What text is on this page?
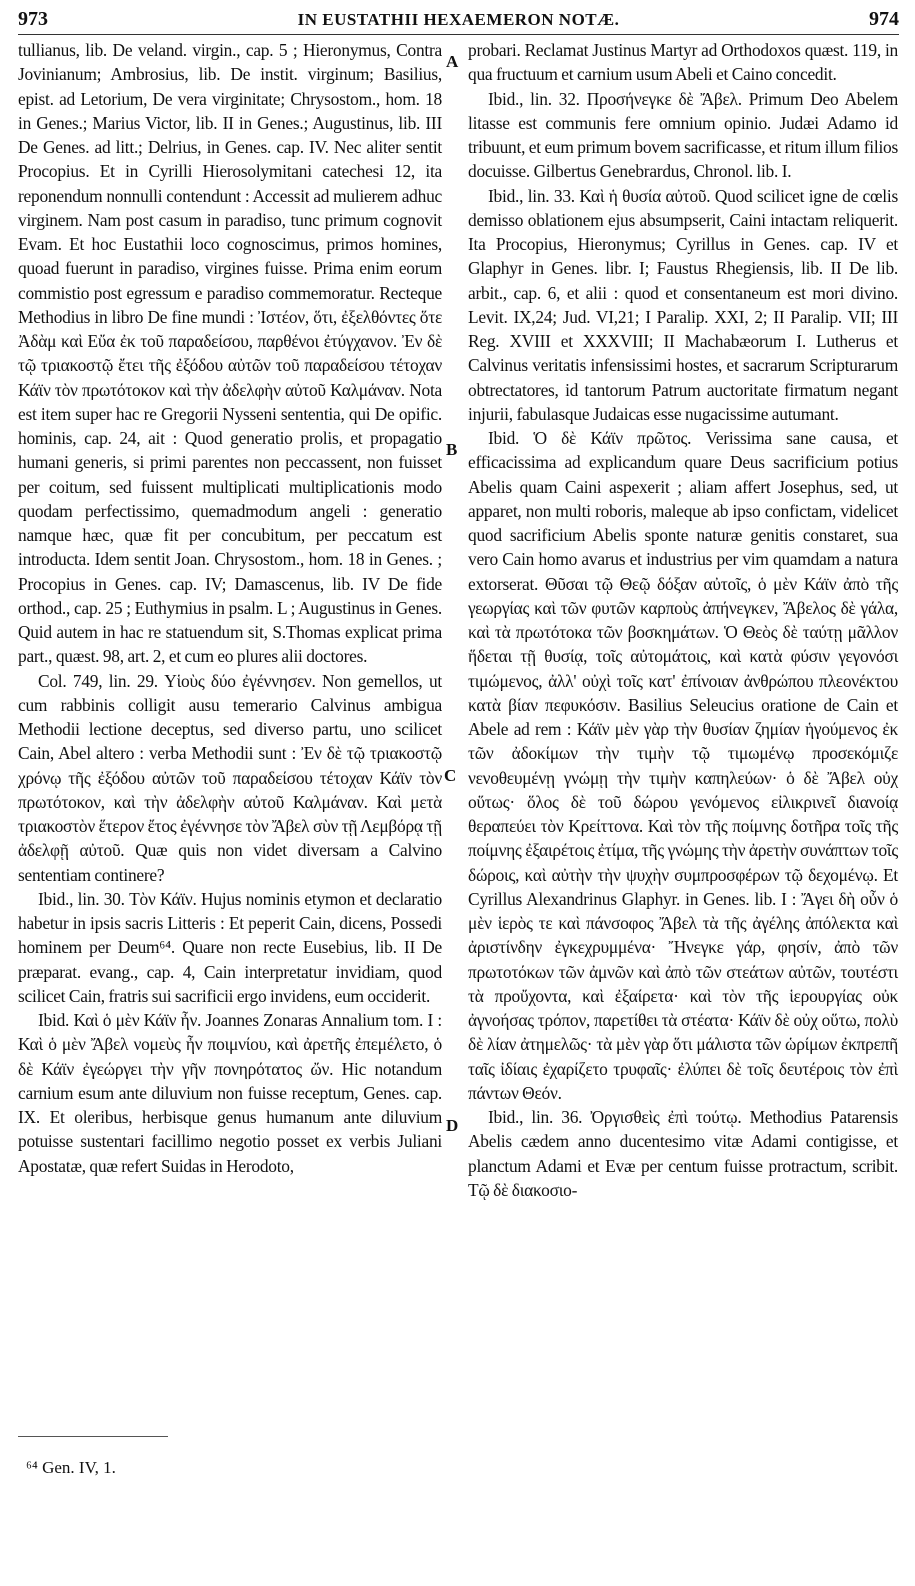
973	IN EUSTATHII HEXAEMERON NOTÆ.	974

tullianus, lib. De veland. virgin., cap. 5 ; Hieronymus, Contra Jovinianum; Ambrosius, lib. De instit. virginum; Basilius, epist. ad Letorium, De vera virginitate; Chrysostom., hom. 18 in Genes.; Marius Victor, lib. II in Genes.; Augustinus, lib. III De Genes. ad litt.; Delrius, in Genes. cap. IV. Nec aliter sentit Procopius. Et in Cyrilli Hierosolymitani catechesi 12, ita reponendum nonnulli contendunt : Accessit ad mulierem adhuc virginem. Nam post casum in paradiso, tunc primum cognovit Evam. Et hoc Eustathii loco cognoscimus, primos homines, quoad fuerunt in paradiso, virgines fuisse. Prima enim eorum commistio post egressum e paradiso commemoratur. Recteque Methodius in libro De fine mundi : Ἰστέον, ὅτι, ἐξελθόντες ὅτε Ἀδὰμ καὶ Εὔα ἐκ τοῦ παραδείσου, παρθένοι ἐτύγχανον. Ἐν δὲ τῷ τριακοστῷ ἔτει τῆς ἐξόδου αὐτῶν τοῦ παραδείσου τέτοχαν Κάϊν τὸν πρωτότοκον καὶ τὴν ἀδελφὴν αὐτοῦ Καλμάναν. Nota est item super hac re Gregorii Nysseni sententia, qui De opific. hominis, cap. 24, ait : Quod generatio prolis, et propagatio humani generis, si primi parentes non peccassent, non fuisset per coitum, sed fuissent multiplicati multiplicationis modo quodam perfectissimo, quemadmodum angeli : generatio namque hæc, quæ fit per concubitum, per peccatum est introducta. Idem sentit Joan. Chrysostom., hom. 18 in Genes. ; Procopius in Genes. cap. IV; Damascenus, lib. IV De fide orthod., cap. 25 ; Euthymius in psalm. L ; Augustinus in Genes. Quid autem in hac re statuendum sit, S.Thomas explicat prima part., quæst. 98, art. 2, et cum eo plures alii doctores.

Col. 749, lin. 29. Υἱοὺς δύο ἐγέννησεν. Non gemellos, ut cum rabbinis colligit ausu temerario Calvinus ambigua Methodii lectione deceptus, sed diverso partu, uno scilicet Cain, Abel altero : verba Methodii sunt : Ἐν δὲ τῷ τριακοστῷ χρόνῳ τῆς ἐξόδου αὐτῶν τοῦ παραδείσου τέτοχαν Κάϊν τὸν πρωτότοκον, καὶ τὴν ἀδελφὴν αὐτοῦ Καλμάναν. Καὶ μετὰ τριακοστὸν ἕτερον ἔτος ἐγέννησε τὸν Ἄβελ σὺν τῇ Λεμβόρᾳ τῇ ἀδελφῇ αὐτοῦ. Quæ quis non videt diversam a Calvino sententiam continere?

Ibid., lin. 30. Τὸν Κάϊν. Hujus nominis etymon et declaratio habetur in ipsis sacris Litteris : Et peperit Cain, dicens, Possedi hominem per Deum⁶⁴. Quare non recte Eusebius, lib. II De præparat. evang., cap. 4, Cain interpretatur invidiam, quod scilicet Cain, fratris sui sacrificii ergo invidens, eum occiderit.

Ibid. Καὶ ὁ μὲν Κάϊν ἦν. Joannes Zonaras Annalium tom. I : Καὶ ὁ μὲν Ἄβελ νομεὺς ἦν ποιμνίου, καὶ ἀρετῆς ἐπεμέλετο, ὁ δὲ Κάϊν ἐγεώργει τὴν γῆν πονηρότατος ὤν. Hic notandum carnium esum ante diluvium non fuisse receptum, Genes. cap. IX. Et oleribus, herbisque genus humanum ante diluvium potuisse sustentari facillimo negotio posset ex verbis Juliani Apostatæ, quæ refert Suidas in Herodoto,

A
B
C
D

probari. Reclamat Justinus Martyr ad Orthodoxos quæst. 119, in qua fructuum et carnium usum Abeli et Caino concedit.

Ibid., lin. 32. Προσήνεγκε δὲ Ἄβελ. Primum Deo Abelem litasse est communis fere omnium opinio. Judæi Adamo id tribuunt, et eum primum bovem sacrificasse, et ritum illum filios docuisse. Gilbertus Genebrardus, Chronol. lib. I.

Ibid., lin. 33. Καὶ ἡ θυσία αὐτοῦ. Quod scilicet igne de cœlis demisso oblationem ejus absumpserit, Caini intactam reliquerit. Ita Procopius, Hieronymus; Cyrillus in Genes. cap. IV et Glaphyr in Genes. libr. I; Faustus Rhegiensis, lib. II De lib. arbit., cap. 6, et alii : quod et consentaneum est mori divino. Levit. IX,24; Jud. VI,21; I Paralip. XXI, 2; II Paralip. VII; III Reg. XVIII et XXXVIII; II Machabæorum I. Lutherus et Calvinus veritatis infensissimi hostes, et sacrarum Scripturarum obtrectatores, id tantorum Patrum auctoritate firmatum negant injurii, fabulasque Judaicas esse nugacissime autumant.

Ibid. Ὁ δὲ Κάϊν πρῶτος. Verissima sane causa, et efficacissima ad explicandum quare Deus sacrificium potius Abelis quam Caini aspexerit ; aliam affert Josephus, sed, ut apparet, non multi roboris, maleque ab ipso confictam, videlicet quod sacrificium Abelis sponte naturæ genitis constaret, sua vero Cain homo avarus et industrius per vim quamdam a natura extorserat. Θῦσαι τῷ Θεῷ δόξαν αὐτοῖς, ὁ μὲν Κάϊν ἀπὸ τῆς γεωργίας καὶ τῶν φυτῶν καρποὺς ἀπήνεγκεν, Ἄβελος δὲ γάλα, καὶ τὰ πρωτότοκα τῶν βοσκημάτων. Ὁ Θεὸς δὲ ταύτῃ μᾶλλον ἥδεται τῇ θυσίᾳ, τοῖς αὐτομάτοις, καὶ κατὰ φύσιν γεγονόσι τιμώμενος, ἀλλ' οὐχὶ τοῖς κατ' ἐπίνοιαν ἀνθρώπου πλεονέκτου κατὰ βίαν πεφυκόσιν. Basilius Seleucius oratione de Cain et Abele ad rem : Κάϊν μὲν γὰρ τὴν θυσίαν ζημίαν ἡγούμενος ἐκ τῶν ἀδοκίμων τὴν τιμὴν τῷ τιμωμένῳ προσεκόμιζε νενοθευμένῃ γνώμῃ τὴν τιμὴν καπηλεύων· ὁ δὲ Ἄβελ οὐχ οὕτως· ὅλος δὲ τοῦ δώρου γενόμενος εἰλικρινεῖ διανοίᾳ θεραπεύει τὸν Κρείττονα. Καὶ τὸν τῆς ποίμνης δοτῆρα τοῖς τῆς ποίμνης ἐξαιρέτοις ἐτίμα, τῆς γνώμης τὴν ἀρετὴν συνάπτων τοῖς δώροις, καὶ αὐτὴν τὴν ψυχὴν συμπροσφέρων τῷ δεχομένῳ. Et Cyrillus Alexandrinus Glaphyr. in Genes. lib. I : Ἄγει δὴ οὖν ὁ μὲν ἱερὸς τε καὶ πάνσοφος Ἄβελ τὰ τῆς ἀγέλης ἀπόλεκτα καὶ ἀριστίνδην ἐγκεχρυμμένα· Ἤνεγκε γάρ, φησίν, ἀπὸ τῶν πρωτοτόκων τῶν ἀμνῶν καὶ ἀπὸ τῶν στεάτων αὐτῶν, τουτέστι τὰ προὔχοντα, καὶ ἐξαίρετα· καὶ τὸν τῆς ἱερουργίας οὐκ ἀγνοήσας τρόπον, παρετίθει τὰ στέατα· Κάϊν δὲ οὐχ οὕτω, πολὺ δὲ λίαν ἀτημελῶς· τὰ μὲν γὰρ ὅτι μάλιστα τῶν ὡρίμων ἐκπρεπῆ ταῖς ἰδίαις ἐχαρίζετο τρυφαῖς· ἐλύπει δὲ τοῖς δευτέροις τὸν ἐπὶ πάντων Θεόν.

Ibid., lin. 36. Ὀργισθεὶς ἐπὶ τούτῳ. Methodius Patarensis Abelis cædem anno ducentesimo vitæ Adami contigisse, et planctum Adami et Evæ per centum fuisse protractum, scribit. Τῷ δὲ διακοσιο-

⁶⁴ Gen. IV, 1.
